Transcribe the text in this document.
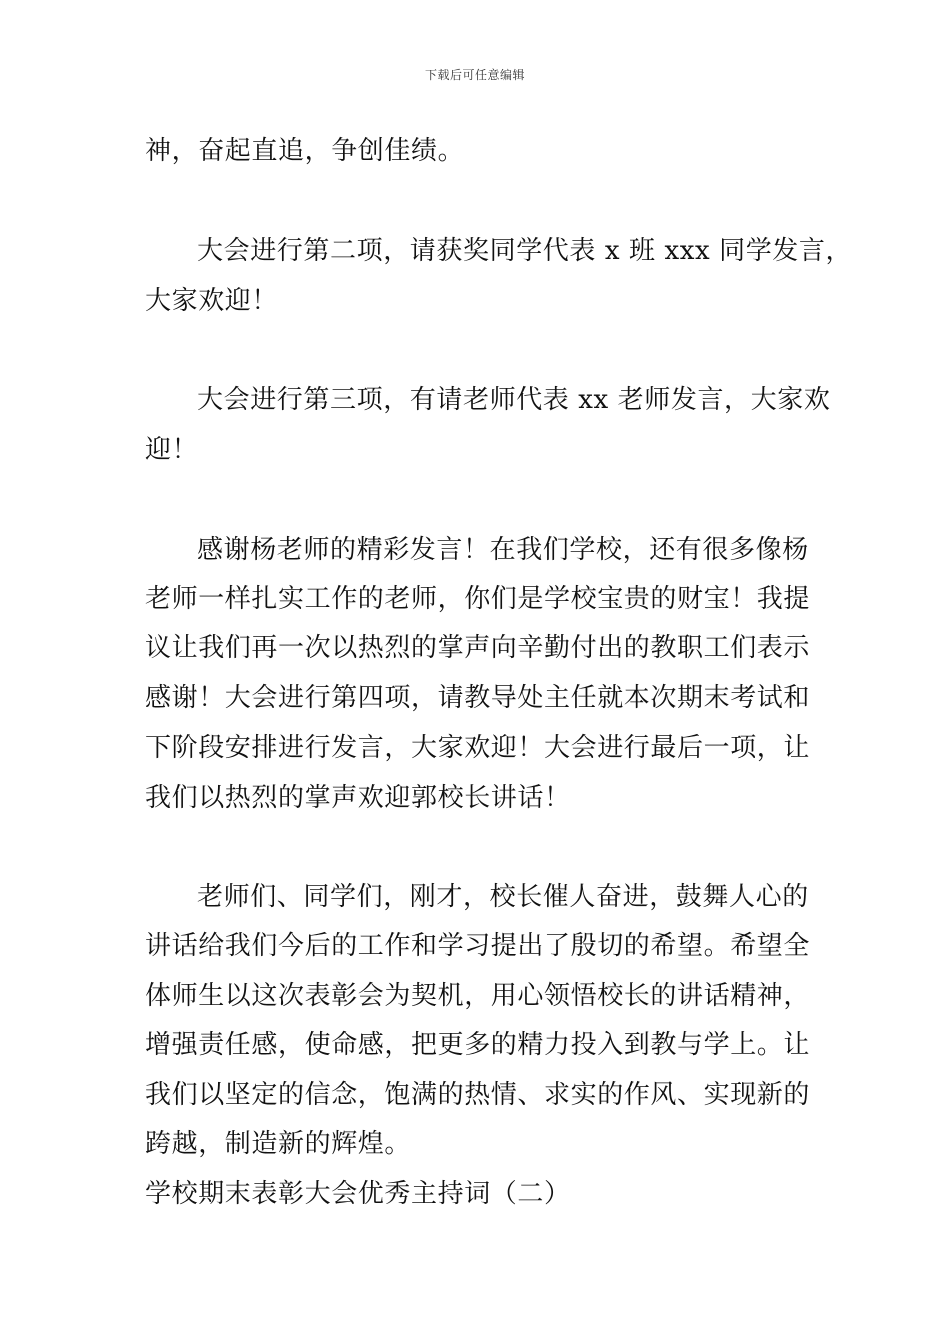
下载后可任意编辑
神，奋起直追，争创佳绩。
大会进行第二项，请获奖同学代表 x 班 xxx 同学发言，
大家欢迎！
大会进行第三项，有请老师代表 xx 老师发言，大家欢
迎！
感谢杨老师的精彩发言！在我们学校，还有很多像杨
老师一样扎实工作的老师，你们是学校宝贵的财宝！我提
议让我们再一次以热烈的掌声向辛勤付出的教职工们表示
感谢！大会进行第四项，请教导处主任就本次期末考试和
下阶段安排进行发言，大家欢迎！大会进行最后一项，让
我们以热烈的掌声欢迎郭校长讲话！
老师们、同学们，刚才，校长催人奋进，鼓舞人心的
讲话给我们今后的工作和学习提出了殷切的希望。希望全
体师生以这次表彰会为契机，用心领悟校长的讲话精神，
增强责任感，使命感，把更多的精力投入到教与学上。让
我们以坚定的信念，饱满的热情、求实的作风、实现新的
跨越，制造新的辉煌。
学校期末表彰大会优秀主持词（二）
